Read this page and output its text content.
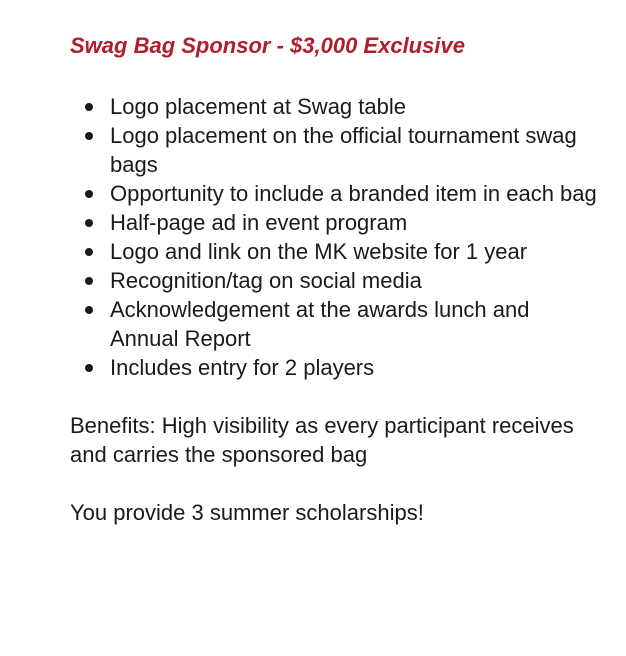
Swag Bag Sponsor - $3,000 Exclusive
Logo placement at Swag table
Logo placement on the official tournament swag bags
Opportunity to include a branded item in each bag
Half-page ad in event program
Logo and link on the MK website for 1 year
Recognition/tag on social media
Acknowledgement at the awards lunch and Annual Report
Includes entry for 2 players

Benefits: High visibility as every participant receives and carries the sponsored bag

You provide 3 summer scholarships!
